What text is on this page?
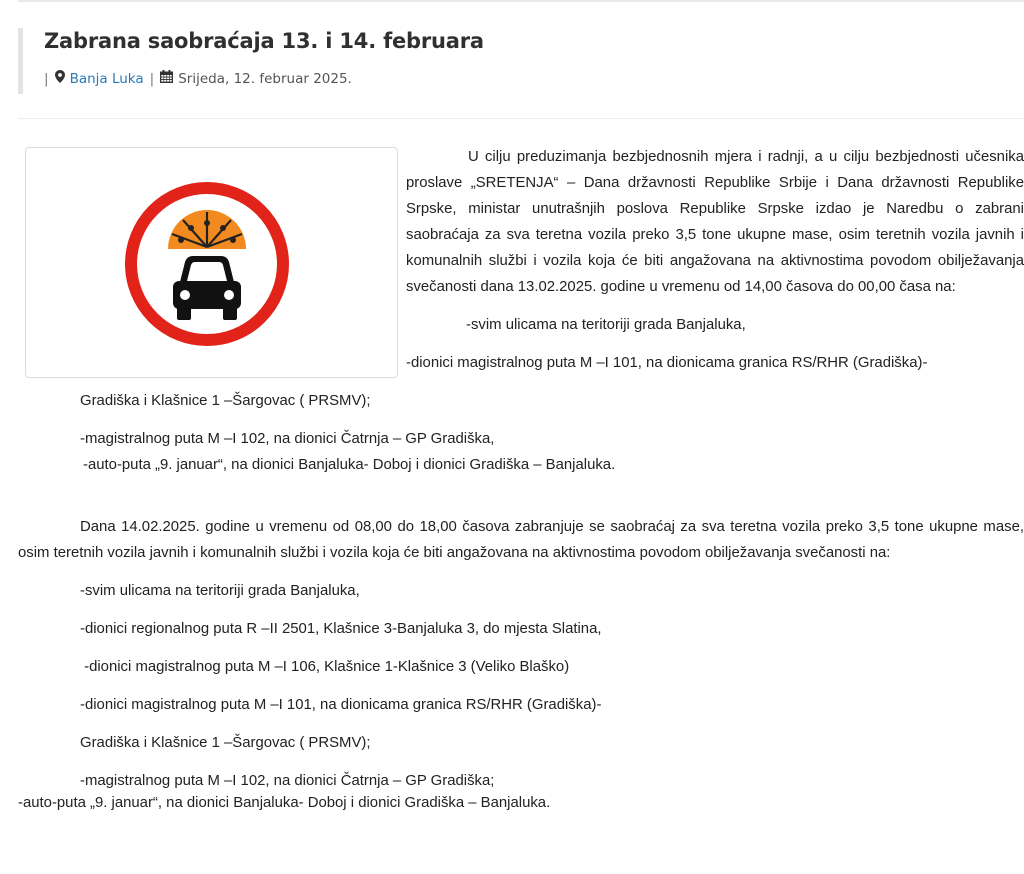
Zabrana saobraćaja 13. i 14. februara
| Banja Luka | Srijeda, 12. februar 2025.

U cilju preduzimanja bezbjednosnih mjera i radnji, a u cilju bezbjednosti učesnika proslave „SRETENJA“ – Dana državnosti Republike Srbije i Dana državnosti Republike Srpske, ministar unutrašnjih poslova Republike Srpske izdao je Naredbu o zabrani saobraćaja za sva teretna vozila preko 3,5 tone ukupne mase, osim teretnih vozila javnih i komunalnih službi i vozila koja će biti angažovana na aktivnostima povodom obilježavanja svečanosti dana 13.02.2025. godine u vremenu od 14,00 časova do 00,00 časa na:

-svim ulicama na teritoriji grada Banjaluka,

-dionici magistralnog puta M –I 101, na dionicama granica RS/RHR (Gradiška)-

Gradiška i Klašnice 1 –Šargovac ( PRSMV);

-magistralnog puta M –I 102, na dionici Čatrnja – GP Gradiška,

-auto-puta „9. januar“, na dionici Banjaluka- Doboj i dionici Gradiška – Banjaluka.

Dana 14.02.2025. godine u vremenu od 08,00 do 18,00 časova zabranjuje se saobraćaj za sva teretna vozila preko 3,5 tone ukupne mase, osim teretnih vozila javnih i komunalnih službi i vozila koja će biti angažovana na aktivnostima povodom obilježavanja svečanosti na:

-svim ulicama na teritoriji grada Banjaluka,

-dionici regionalnog puta R –II 2501, Klašnice 3-Banjaluka 3, do mjesta Slatina,

-dionici magistralnog puta M –I 106, Klašnice 1-Klašnice 3 (Veliko Blaško)

-dionici magistralnog puta M –I 101, na dionicama granica RS/RHR (Gradiška)-

Gradiška i Klašnice 1 –Šargovac ( PRSMV);

-magistralnog puta M –I 102, na dionici Čatrnja – GP Gradiška;

-auto-puta „9. januar“, na dionici Banjaluka- Doboj i dionici Gradiška – Banjaluka.
